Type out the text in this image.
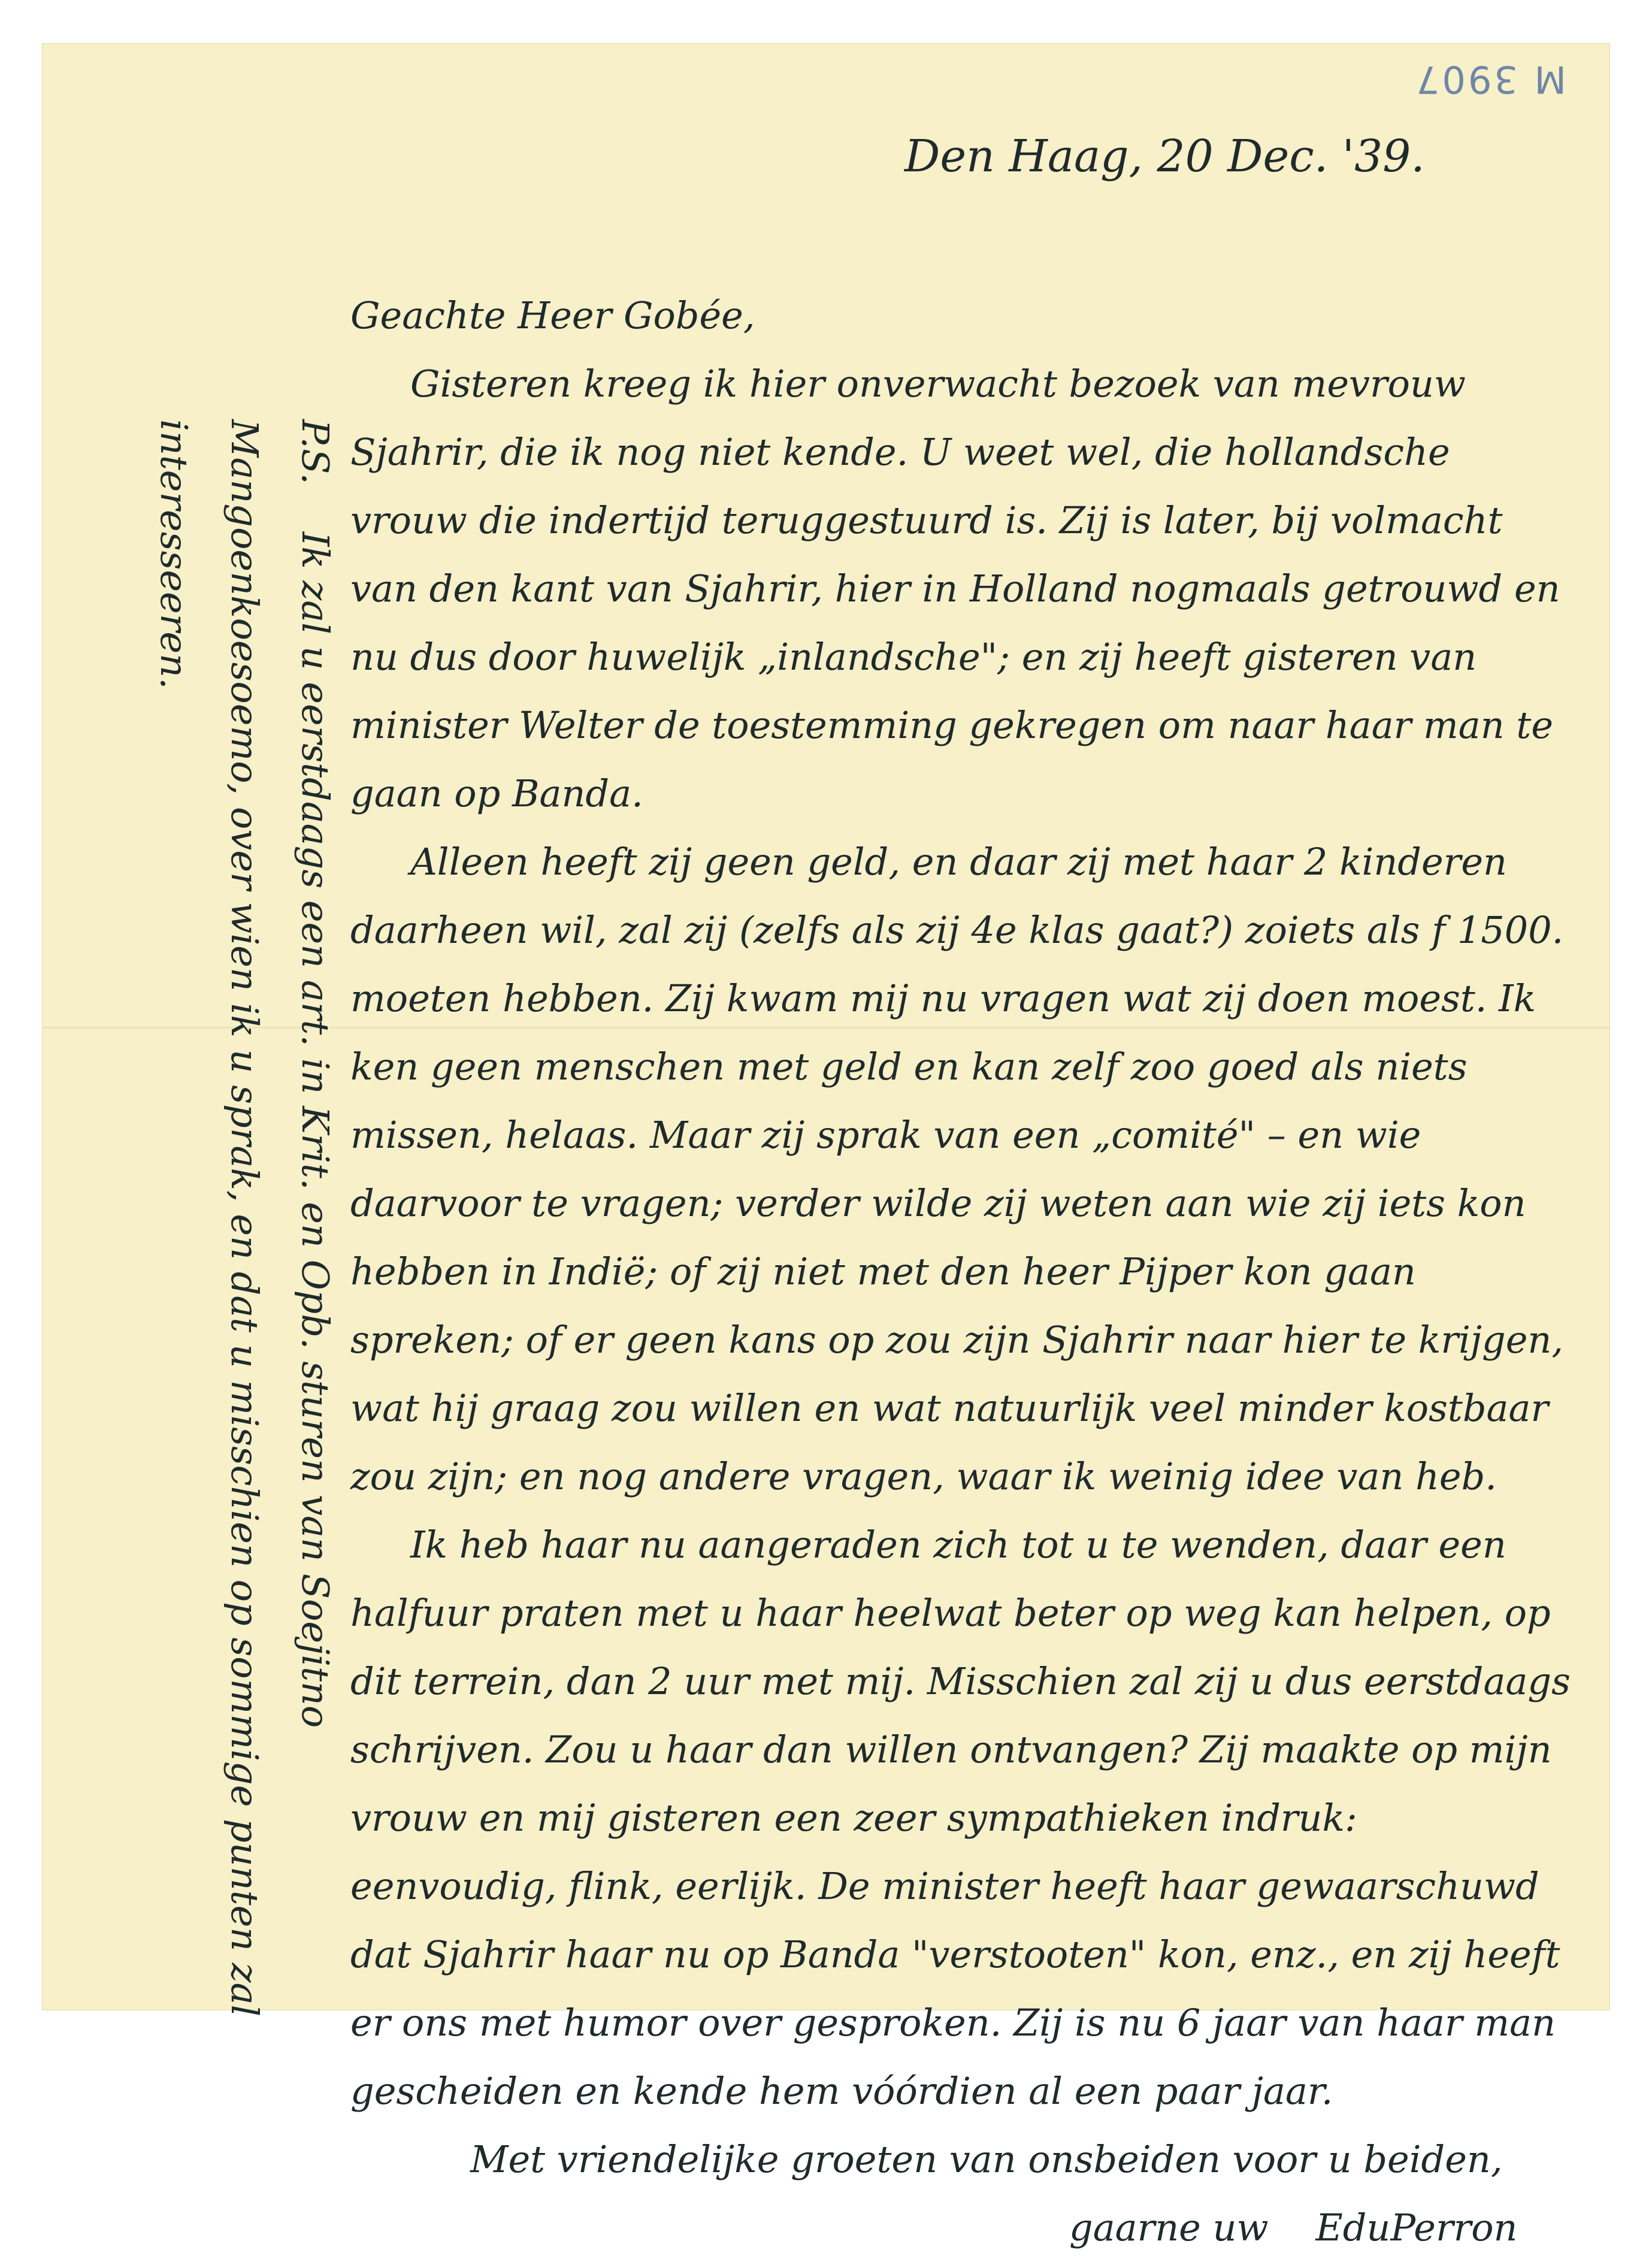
M 3907
Den Haag, 20 Dec. '39.

Geachte Heer Gobée,

Gisteren kreeg ik hier onverwacht bezoek van mevrouw Sjahrir, die ik nog niet kende. U weet wel, die hollandsche vrouw die indertijd teruggestuurd is. Zij is later, bij volmacht van den kant van Sjahrir, hier in Holland nogmaals getrouwd en nu dus door huwelijk „inlandsche"; en zij heeft gisteren van minister Welter de toestemming gekregen om naar haar man te gaan op Banda.

Alleen heeft zij geen geld, en daar zij met haar 2 kinderen daarheen wil, zal zij (zelfs als zij 4e klas gaat?) zoiets als f 1500. moeten hebben. Zij kwam mij nu vragen wat zij doen moest. Ik ken geen menschen met geld en kan zelf zoo goed als niets missen, helaas. Maar zij sprak van een „comité" – en wie daarvoor te vragen; verder wilde zij weten aan wie zij iets kon hebben in Indië; of zij niet met den heer Pijper kon gaan spreken; of er geen kans op zou zijn Sjahrir naar hier te krijgen, wat hij graag zou willen en wat natuurlijk veel minder kostbaar zou zijn; en nog andere vragen, waar ik weinig idee van heb.

Ik heb haar nu aangeraden zich tot u te wenden, daar een halfuur praten met u haar heelwat beter op weg kan helpen, op dit terrein, dan 2 uur met mij. Misschien zal zij u dus eerstdaags schrijven. Zou u haar dan willen ontvangen? Zij maakte op mijn vrouw en mij gisteren een zeer sympathieken indruk: eenvoudig, flink, eerlijk. De minister heeft haar gewaarschuwd dat Sjahrir haar nu op Banda "verstooten" kon, enz., en zij heeft er ons met humor over gesproken. Zij is nu 6 jaar van haar man gescheiden en kende hem vóórdien al een paar jaar.

Met vriendelijke groeten van onsbeiden voor u beiden,

gaarne uw EduPerron

P.S.    Ik zal u eerstdaags een art. in Krit. en Opb. sturen van Soejitno Mangoenkoesoemo, over wien ik u sprak, en dat u misschien op sommige punten zal interesseeren.
